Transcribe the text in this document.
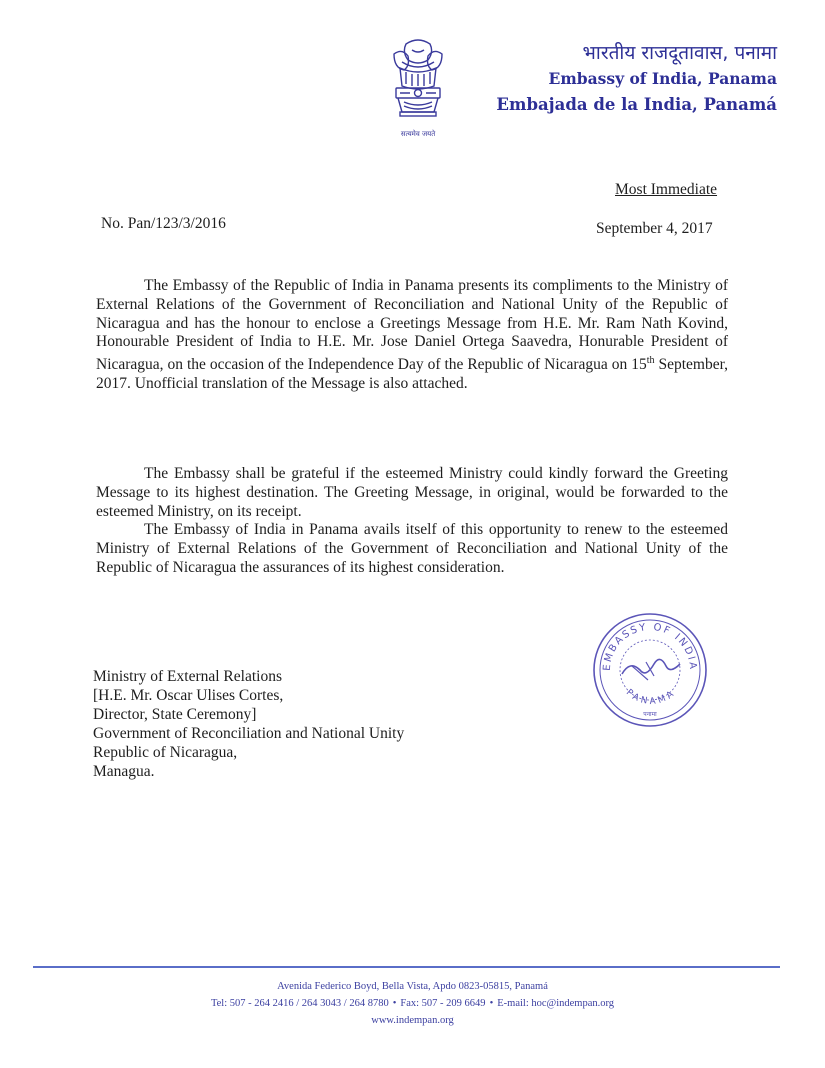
सत्यमेव जयते
भारतीय राजदूतावास, पनामा
Embassy of India, Panama
Embajada de la India, Panamá
Most Immediate
No. Pan/123/3/2016	September 4, 2017

The Embassy of the Republic of India in Panama presents its compliments to the Ministry of External Relations of the Government of Reconciliation and National Unity of the Republic of Nicaragua and has the honour to enclose a Greetings Message from H.E. Mr. Ram Nath Kovind, Honourable President of India to H.E. Mr. Jose Daniel Ortega Saavedra, Honurable President of Nicaragua, on the occasion of the Independence Day of the Republic of Nicaragua on 15th September, 2017. Unofficial translation of the Message is also attached.

The Embassy shall be grateful if the esteemed Ministry could kindly forward the Greeting Message to its highest destination. The Greeting Message, in original, would be forwarded to the esteemed Ministry, on its receipt.

The Embassy of India in Panama avails itself of this opportunity to renew to the esteemed Ministry of External Relations of the Government of Reconciliation and National Unity of the Republic of Nicaragua the assurances of its highest consideration.

EMBASSY OF INDIA
PANAMA
पनामा
Ministry of External Relations
[H.E. Mr. Oscar Ulises Cortes,
Director, State Ceremony]
Government of Reconciliation and National Unity
Republic of Nicaragua,
Managua.
Avenida Federico Boyd, Bella Vista, Apdo 0823-05815, Panamá
Tel: 507 - 264 2416 / 264 3043 / 264 8780 • Fax: 507 - 209 6649 • E-mail: hoc@indempan.org
www.indempan.org
